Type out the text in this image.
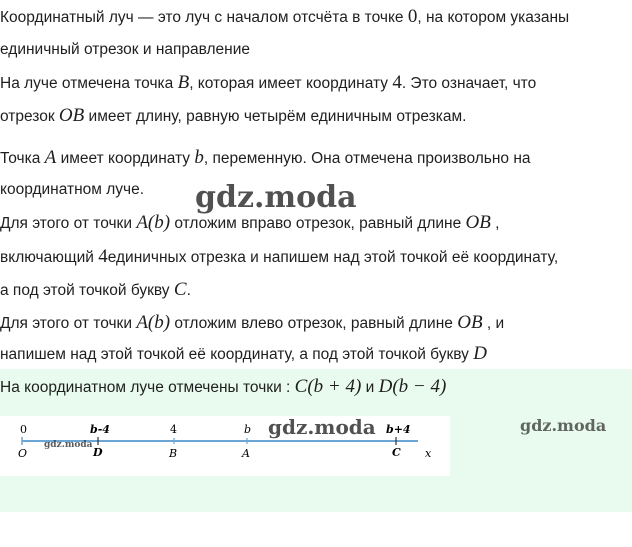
Координатный луч — это луч с началом отсчёта в точке 0, на котором указаны
единичный отрезок и направление
На луче отмечена точка B, которая имеет координату 4. Это означает, что
отрезок OB имеет длину, равную четырём единичным отрезкам.
Точка A имеет координату b, переменную. Она отмечена произвольно на
координатном луче.
Для этого от точки A(b) отложим вправо отрезок, равный длине OB ,
включающий 4единичных отрезка и напишем над этой точкой её координату,
а под этой точкой букву C.
Для этого от точки A(b) отложим влево отрезок, равный длине OB , и
напишем над этой точкой её координату, а под этой точкой букву D
На координатном луче отмечены точки : C(b + 4) и D(b − 4)
0	b-4	4	b	b+4
O	D	B	A	C x
gdz.moda
gdz.moda	gdz.moda
gdz.moda
